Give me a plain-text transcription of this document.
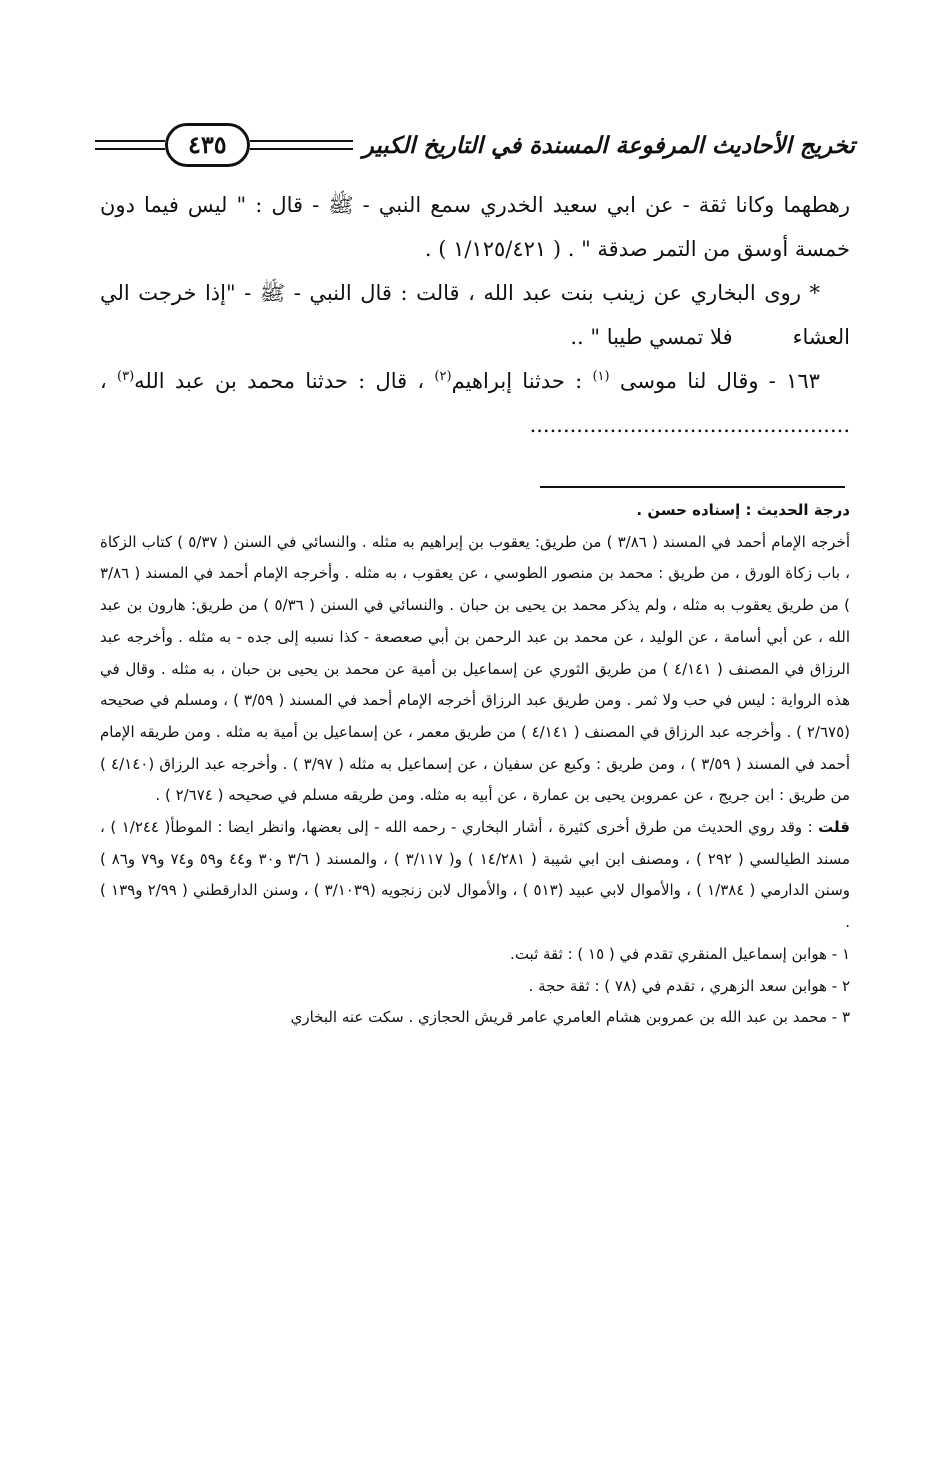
تخريج الأحاديث المرفوعة المسندة في التاريخ الكبير
٤٣٥

رهطهما وكانا ثقة - عن ابي سعيد الخدري سمع النبي - ﷺ - قال : " ليس فيما دون خمسة أوسق من التمر صدقة " . ( ١/١٢٥/٤٢١ ) .

* روى البخاري عن زينب بنت عبد الله ، قالت : قال النبي - ﷺ - "إذا خرجت الي العشاءفلا تمسي طيبا " ..

١٦٣ - وقال لنا موسى $^{(١)}$ : حدثنا إبراهيم$^{(٢)}$ ، قال : حدثنا محمد بن عبد الله$^{(٣)}$ ، ................................................

درجة الحديث : إسناده حسن .

أخرجه الإمام أحمد في المسند ( ٣/٨٦ ) من طريق: يعقوب بن إبراهيم به مثله . والنسائي في السنن ( ٥/٣٧ ) كتاب الزكاة ، باب زكاة الورق ، من طريق : محمد بن منصور الطوسي ، عن يعقوب ، به مثله . وأخرجه الإمام أحمد في المسند ( ٣/٨٦ ) من طريق يعقوب به مثله ، ولم يذكر محمد بن يحيى بن حبان . والنسائي في السنن ( ٥/٣٦ ) من طريق: هارون بن عبد الله ، عن أبي أسامة ، عن الوليد ، عن محمد بن عبد الرحمن بن أبي صعصعة - كذا نسبه إلى جده - به مثله . وأخرجه عبد الرزاق في المصنف ( ٤/١٤١ ) من طريق الثوري عن إسماعيل بن أمية عن محمد بن يحيى بن حبان ، به مثله . وقال في هذه الرواية : ليس في حب ولا ثمر . ومن طريق عبد الرزاق أخرجه الإمام أحمد في المسند ( ٣/٥٩ ) ، ومسلم في صحيحه (٢/٦٧٥ ) . وأخرجه عبد الرزاق في المصنف ( ٤/١٤١ ) من طريق معمر ، عن إسماعيل بن أمية به مثله . ومن طريقه الإمام أحمد في المسند ( ٣/٥٩ ) ، ومن طريق : وكيع عن سفيان ، عن إسماعيل به مثله ( ٣/٩٧ ) . وأخرجه عبد الرزاق (٤/١٤٠ ) من طريق : ابن جريج ، عن عمروبن يحيى بن عمارة ، عن أبيه به مثله. ومن طريقه مسلم في صحيحه ( ٢/٦٧٤ ) .

قلت : وقد روي الحديث من طرق أخرى كثيرة ، أشار البخاري - رحمه الله - إلى بعضها، وانظر ايضا : الموطأ( ١/٢٤٤ ) ، مسند الطيالسي ( ٢٩٢ ) ، ومصنف ابن ابي شيبة ( ١٤/٢٨١ ) و( ٣/١١٧ ) ، والمسند ( ٣/٦ و٣٠ و٤٤ و٥٩ و٧٤ و٧٩ و٨٦ ) وسنن الدارمي ( ١/٣٨٤ ) ، والأموال لابي عبيد (٥١٣ ) ، والأموال لابن زنجويه (٣/١٠٣٩ ) ، وسنن الدارقطني ( ٢/٩٩ و١٣٩ ) .

١ - هوابن إسماعيل المنقري تقدم في ( ١٥ ) : ثقة ثبت.

٢ - هوابن سعد الزهري ، تقدم في (٧٨ ) : ثقة حجة .

٣ - محمد بن عبد الله بن عمروبن هشام العامري عامر قريش الحجازي . سكت عنه البخاري
